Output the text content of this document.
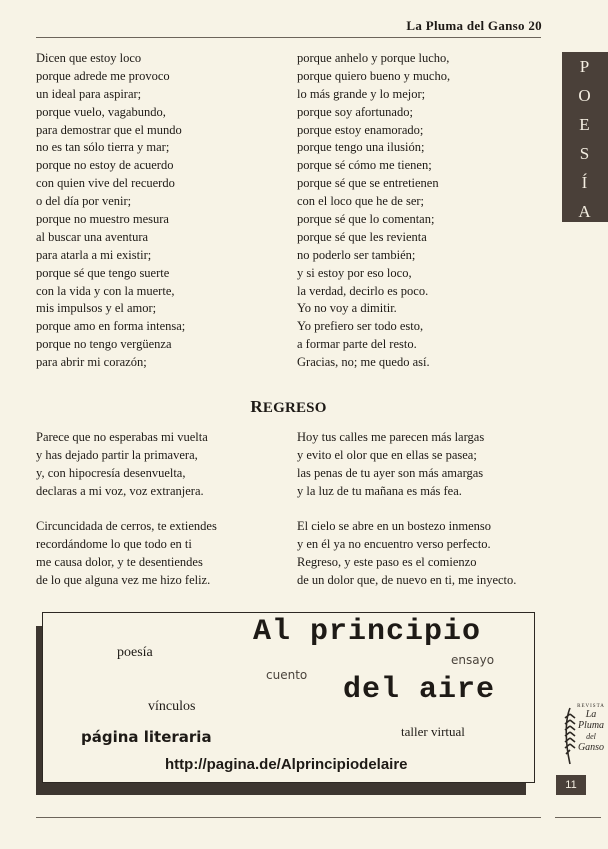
La Pluma del Ganso 20
P
O
E
S
Í
A
Dicen que estoy loco
porque adrede me provoco
un ideal para aspirar;
porque vuelo, vagabundo,
para demostrar que el mundo
no es tan sólo tierra y mar;
porque no estoy de acuerdo
con quien vive del recuerdo
o del día por venir;
porque no muestro mesura
al buscar una aventura
para atarla a mi existir;
porque sé que tengo suerte
con la vida y con la muerte,
mis impulsos y el amor;
porque amo en forma intensa;
porque no tengo vergüenza
para abrir mi corazón;
porque anhelo y porque lucho,
porque quiero bueno y mucho,
lo más grande y lo mejor;
porque soy afortunado;
porque estoy enamorado;
porque tengo una ilusión;
porque sé cómo me tienen;
porque sé que se entretienen
con el loco que he de ser;
porque sé que lo comentan;
porque sé que les revienta
no poderlo ser también;
y si estoy por eso loco,
la verdad, decirlo es poco.
Yo no voy a dimitir.
Yo prefiero ser todo esto,
a formar parte del resto.
Gracias, no; me quedo así.
REGRESO
Parece que no esperabas mi vuelta
y has dejado partir la primavera,
y, con hipocresía desenvuelta,
declaras a mi voz, voz extranjera.
Circuncidada de cerros, te extiendes
recordándome lo que todo en ti
me causa dolor, y te desentiendes
de lo que alguna vez me hizo feliz.
Hoy tus calles me parecen más largas
y evito el olor que en ellas se pasea;
las penas de tu ayer son más amargas
y la luz de tu mañana es más fea.
El cielo se abre en un bostezo inmenso
y en él ya no encuentro verso perfecto.
Regreso, y este paso es el comienzo
de un dolor que, de nuevo en ti, me inyecto.
Al principio
poesía	ensayo
cuento del aire
vínculos
página literaria	taller virtual
http://pagina.de/Alprincipiodelaire
REVISTA
La
Pluma
del
Ganso
11
